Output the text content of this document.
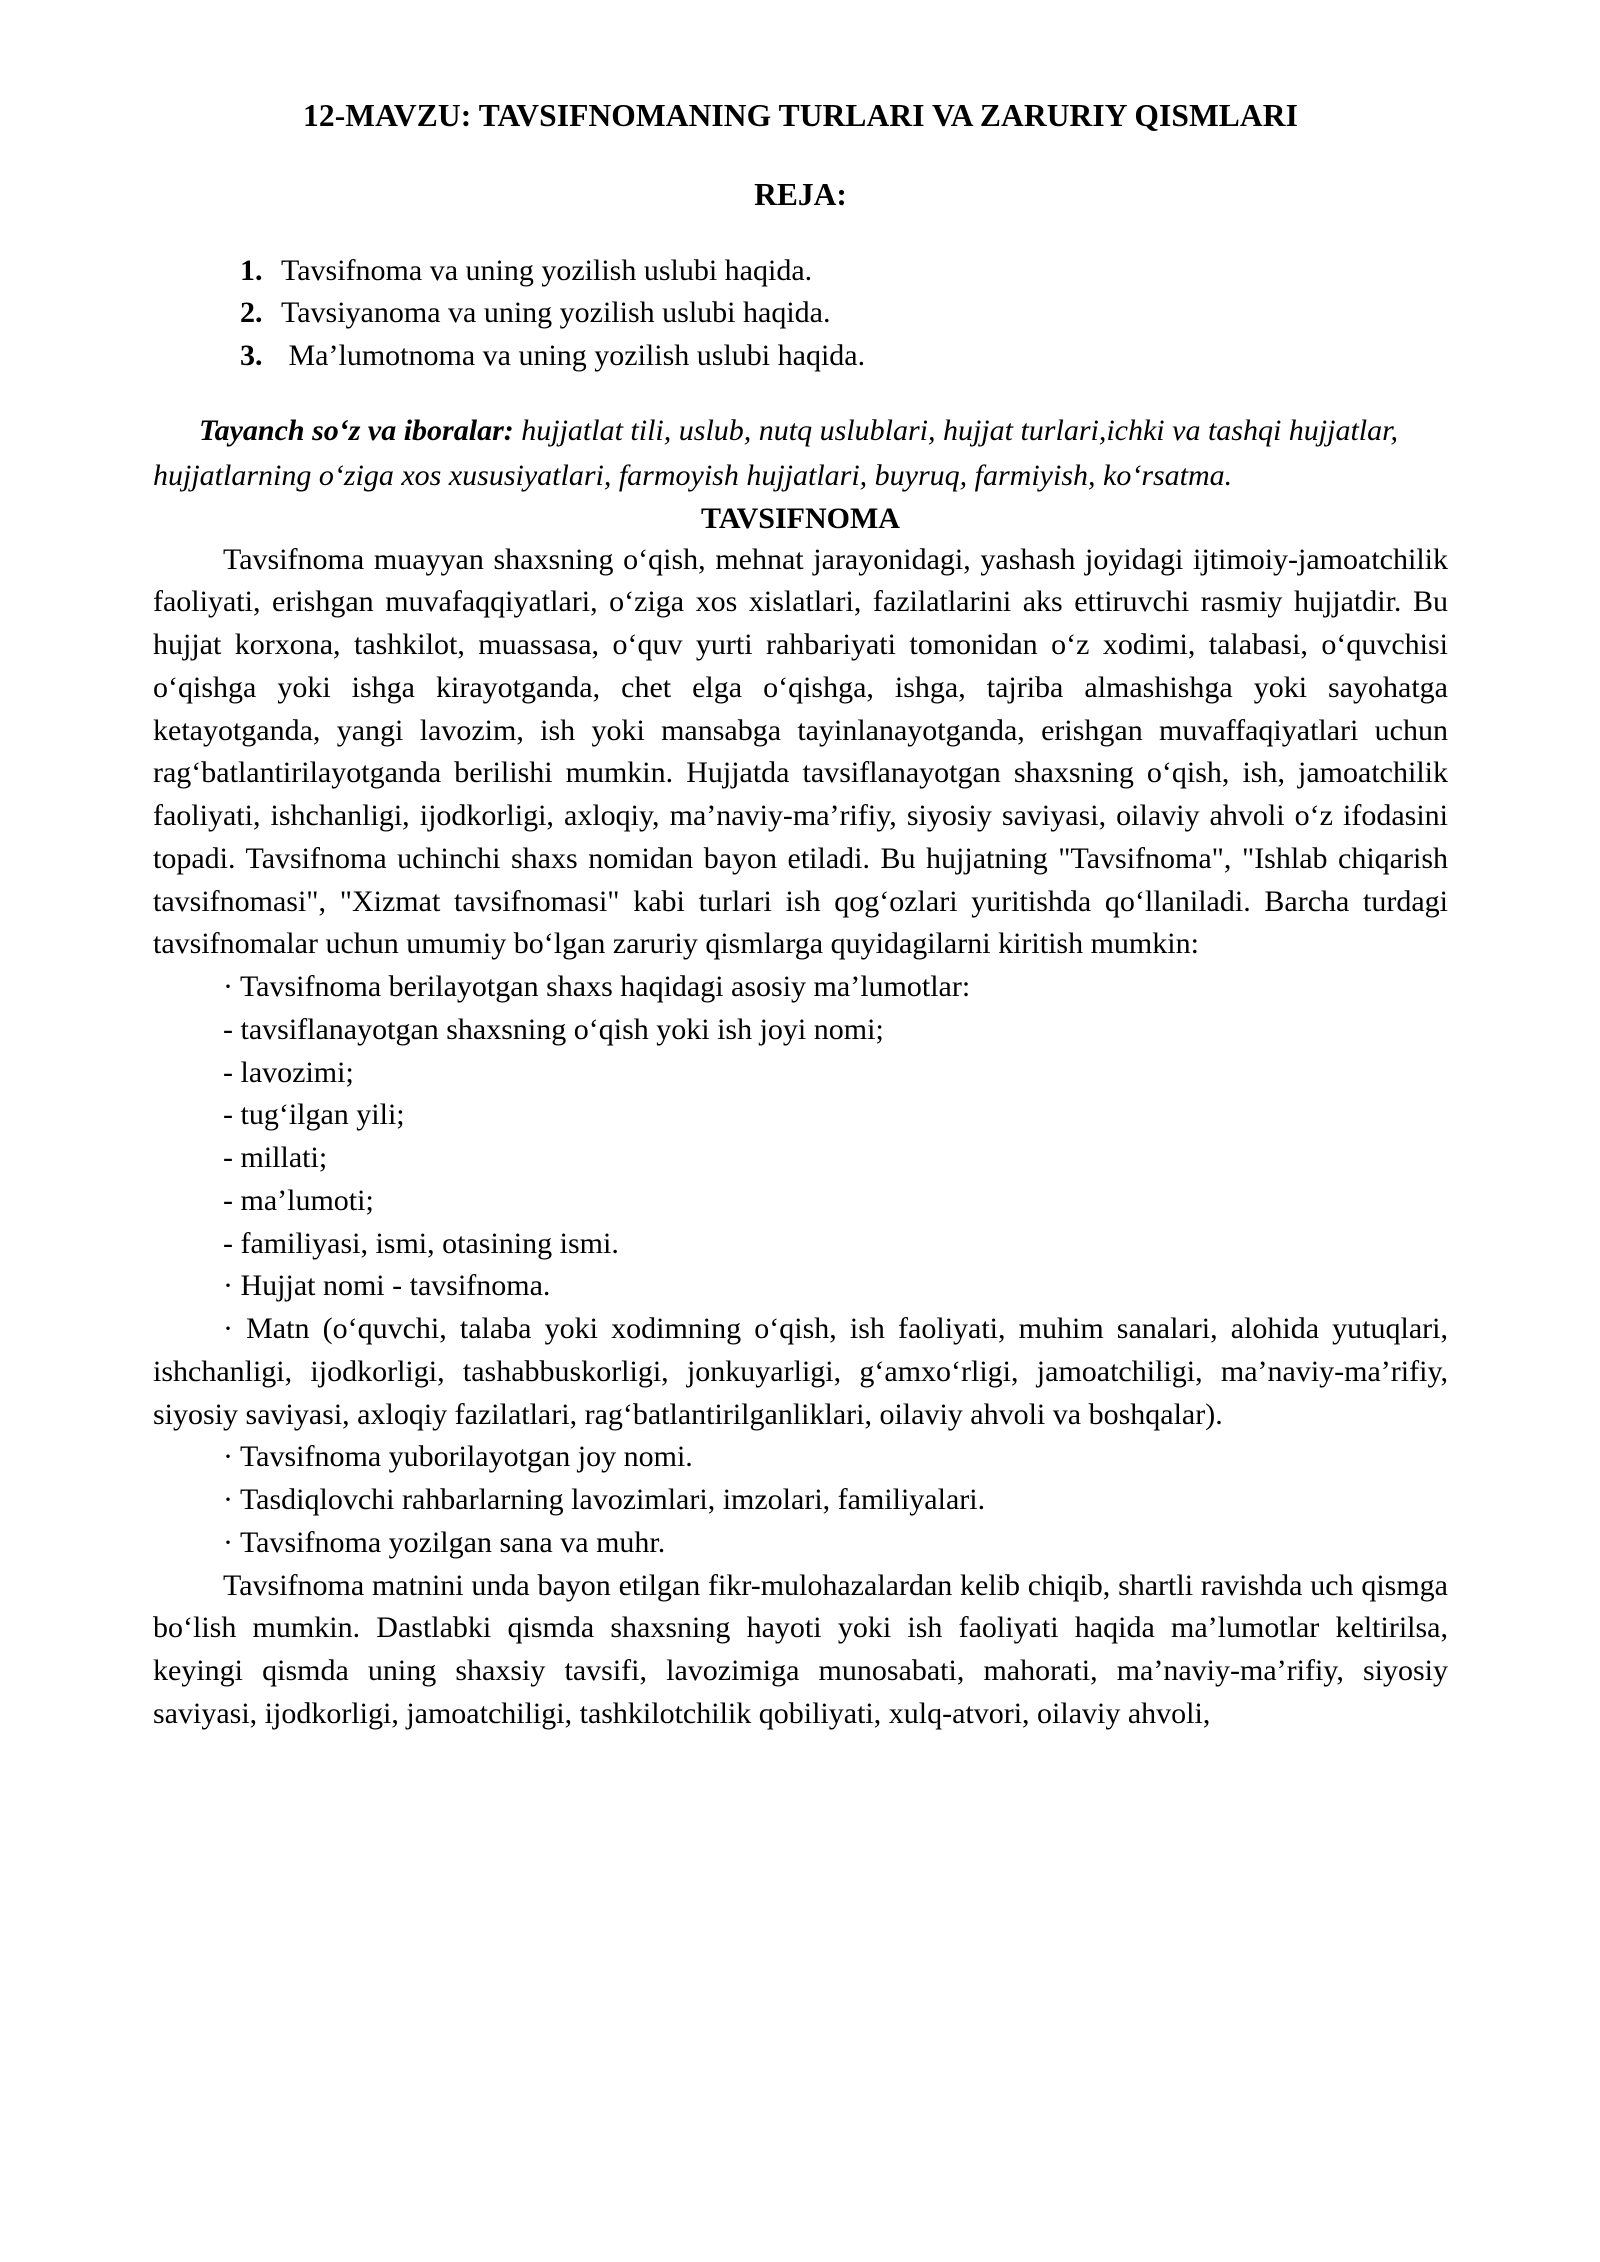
12-MAVZU: TAVSIFNOMANING TURLARI VA ZARURIY QISMLARI
REJA:
1. Tavsifnoma va uning yozilish uslubi haqida.
2. Tavsiyanoma va uning yozilish uslubi haqida.
3. Ma’lumotnoma va uning yozilish uslubi haqida.

Tayanch so‘z va iboralar: hujjatlat tili, uslub, nutq uslublari, hujjat turlari,ichki va tashqi hujjatlar, hujjatlarning o‘ziga xos xususiyatlari, farmoyish hujjatlari, buyruq, farmiyish, ko‘rsatma.

TAVSIFNOMA

Tavsifnoma muayyan shaxsning o‘qish, mehnat jarayonidagi, yashash joyidagi ijtimoiy-jamoatchilik faoliyati, erishgan muvafaqqiyatlari, o‘ziga xos xislatlari, fazilatlarini aks ettiruvchi rasmiy hujjatdir. Bu hujjat korxona, tashkilot, muassasa, o‘quv yurti rahbariyati tomonidan o‘z xodimi, talabasi, o‘quvchisi o‘qishga yoki ishga kirayotganda, chet elga o‘qishga, ishga, tajriba almashishga yoki sayohatga ketayotganda, yangi lavozim, ish yoki mansabga tayinlanayotganda, erishgan muvaffaqiyatlari uchun rag‘batlantirilayotganda berilishi mumkin. Hujjatda tavsiflanayotgan shaxsning o‘qish, ish, jamoatchilik faoliyati, ishchanligi, ijodkorligi, axloqiy, ma’naviy-ma’rifiy, siyosiy saviyasi, oilaviy ahvoli o‘z ifodasini topadi. Tavsifnoma uchinchi shaxs nomidan bayon etiladi. Bu hujjatning "Tavsifnoma", "Ishlab chiqarish tavsifnomasi", "Xizmat tavsifnomasi" kabi turlari ish qog‘ozlari yuritishda qo‘llaniladi. Barcha turdagi tavsifnomalar uchun umumiy bo‘lgan zaruriy qismlarga quyidagilarni kiritish mumkin:

· Tavsifnoma berilayotgan shaxs haqidagi asosiy ma’lumotlar:
- tavsiflanayotgan shaxsning o‘qish yoki ish joyi nomi;
- lavozimi;
- tug‘ilgan yili;
- millati;
- ma’lumoti;
- familiyasi, ismi, otasining ismi.
· Hujjat nomi - tavsifnoma.

· Matn (o‘quvchi, talaba yoki xodimning o‘qish, ish faoliyati, muhim sanalari, alohida yutuqlari, ishchanligi, ijodkorligi, tashabbuskorligi, jonkuyarligi, g‘amxo‘rligi, jamoatchiligi, ma’naviy-ma’rifiy, siyosiy saviyasi, axloqiy fazilatlari, rag‘batlantirilganliklari, oilaviy ahvoli va boshqalar).

· Tavsifnoma yuborilayotgan joy nomi.
· Tasdiqlovchi rahbarlarning lavozimlari, imzolari, familiyalari.
· Tavsifnoma yozilgan sana va muhr.

Tavsifnoma matnini unda bayon etilgan fikr-mulohazalardan kelib chiqib, shartli ravishda uch qismga bo‘lish mumkin. Dastlabki qismda shaxsning hayoti yoki ish faoliyati haqida ma’lumotlar keltirilsa, keyingi qismda uning shaxsiy tavsifi, lavozimiga munosabati, mahorati, ma’naviy-ma’rifiy, siyosiy saviyasi, ijodkorligi, jamoatchiligi, tashkilotchilik qobiliyati, xulq-atvori, oilaviy ahvoli,
